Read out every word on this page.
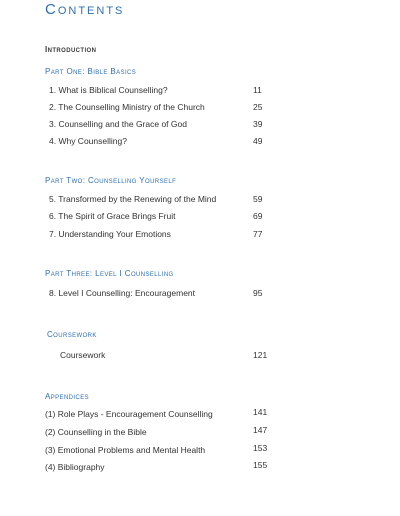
Contents
Introduction
Part One: Bible Basics
1. What is Biblical Counselling?	11
2. The Counselling Ministry of the Church	25
3. Counselling and the Grace of God	39
4. Why Counselling?	49
Part Two: Counselling Yourself
5. Transformed by the Renewing of the Mind	59
6. The Spirit of Grace Brings Fruit	69
7. Understanding Your Emotions	77
Part Three: Level I Counselling
8. Level I Counselling: Encouragement	95
Coursework
Coursework	121
Appendices
(1) Role Plays - Encouragement Counselling	141
(2) Counselling in the Bible	147
(3) Emotional Problems and Mental Health	153
(4) Bibliography	155
